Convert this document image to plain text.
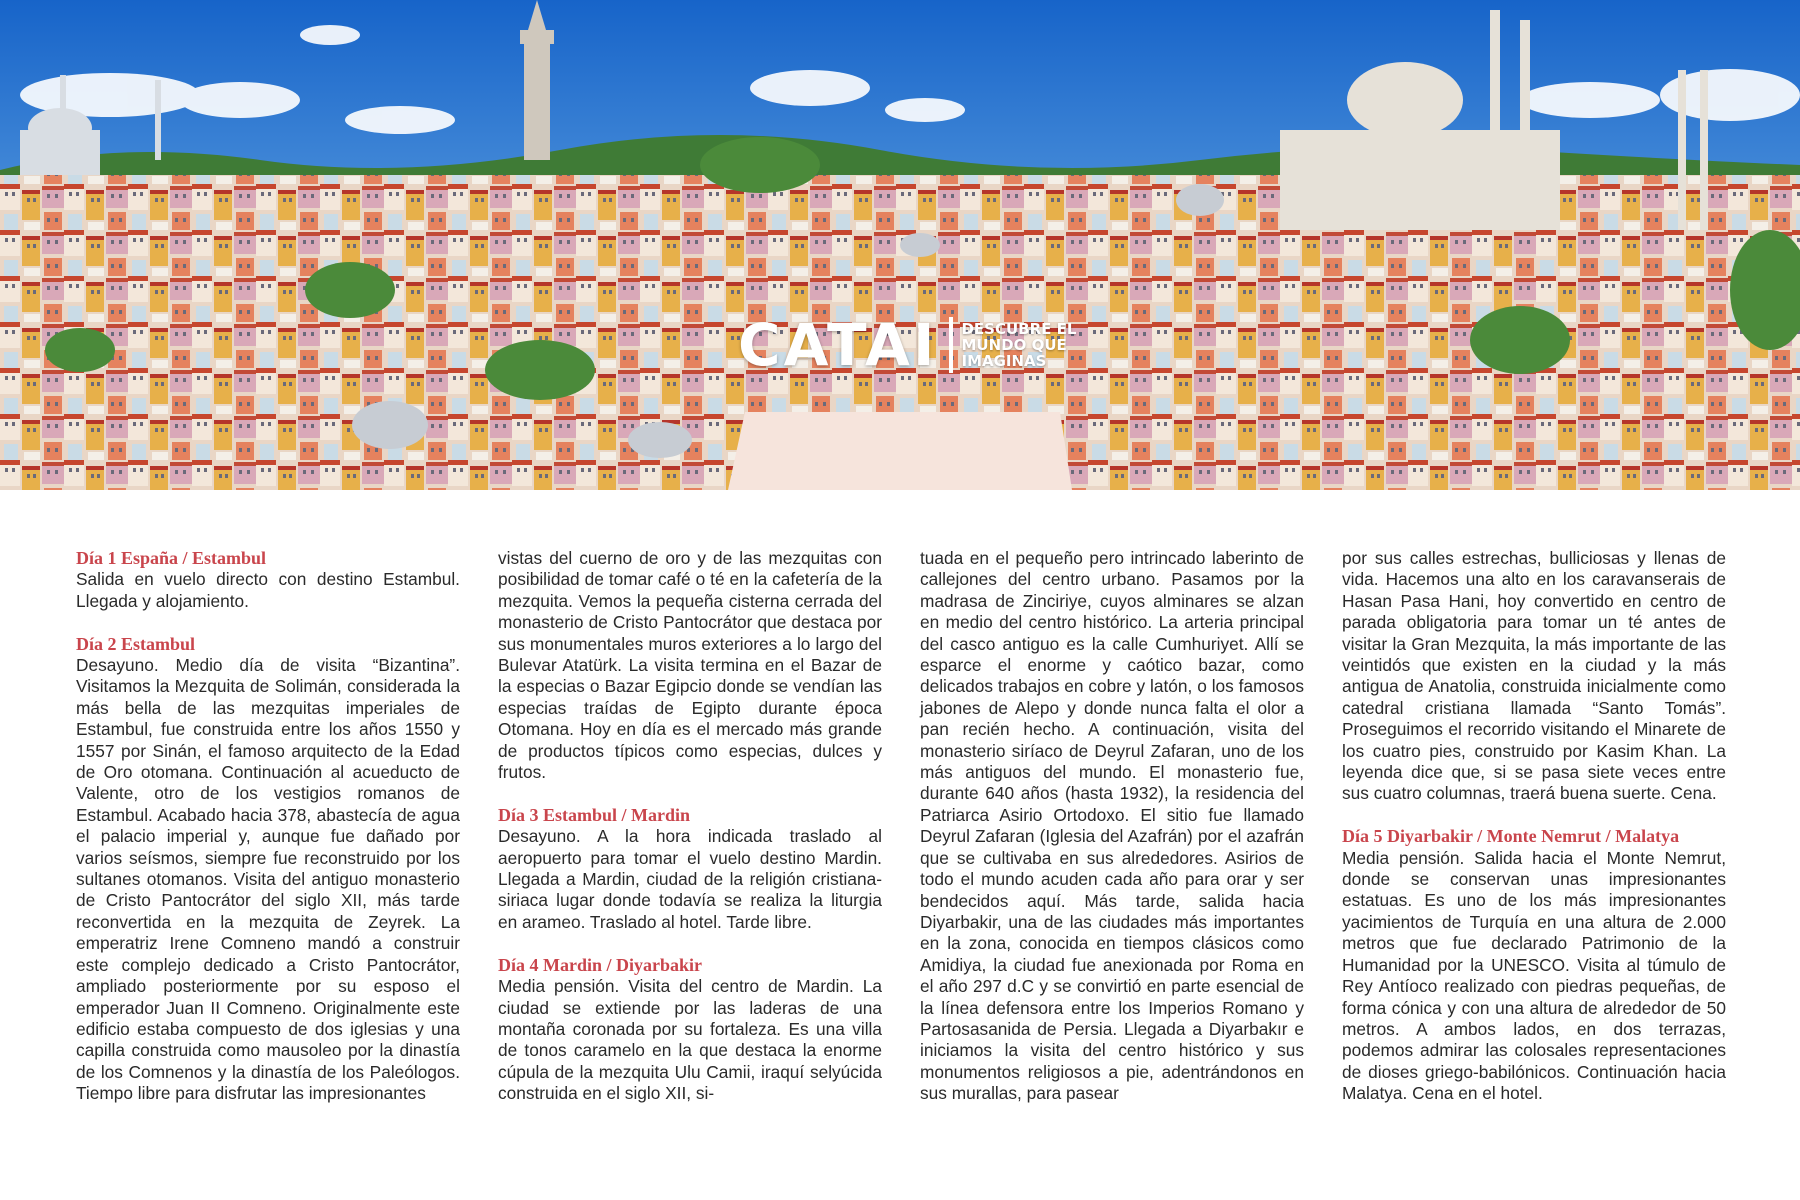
CATAI DESCUBRE EL MUNDO QUE IMAGINAS

Día 1 España / Estambul

Salida en vuelo directo con destino Estambul. Llegada y alojamiento.

Día 2 Estambul

Desayuno. Medio día de visita “Bizantina”. Visitamos la Mezquita de Solimán, considerada la más bella de las mezquitas imperiales de Estambul, fue construida entre los años 1550 y 1557 por Sinán, el famoso arquitecto de la Edad de Oro otomana. Continuación al acueducto de Valente, otro de los vestigios romanos de Estambul. Acabado hacia 378, abastecía de agua el palacio imperial y, aunque fue dañado por varios seísmos, siempre fue reconstruido por los sultanes otomanos. Visita del antiguo monasterio de Cristo Pantocrátor del siglo XII, más tarde reconvertida en la mezquita de Zeyrek. La emperatriz Irene Comneno mandó a construir este complejo dedicado a Cristo Pantocrátor, ampliado posteriormente por su esposo el emperador Juan II Comneno. Originalmente este edificio estaba compuesto de dos iglesias y una capilla construida como mausoleo por la dinastía de los Comnenos y la dinastía de los Paleólogos. Tiempo libre para disfrutar las impresionantes

vistas del cuerno de oro y de las mezquitas con posibilidad de tomar café o té en la cafetería de la mezquita. Vemos la pequeña cisterna cerrada del monasterio de Cristo Pantocrátor que destaca por sus monumentales muros exteriores a lo largo del Bulevar Atatürk. La visita termina en el Bazar de la especias o Bazar Egipcio donde se vendían las especias traídas de Egipto durante época Otomana. Hoy en día es el mercado más grande de productos típicos como especias, dulces y frutos.

Día 3 Estambul / Mardin

Desayuno. A la hora indicada traslado al aeropuerto para tomar el vuelo destino Mardin. Llegada a Mardin, ciudad de la religión cristiana-siriaca lugar donde todavía se realiza la liturgia en arameo. Traslado al hotel. Tarde libre.

Día 4 Mardin / Diyarbakir

Media pensión. Visita del centro de Mardin. La ciudad se extiende por las laderas de una montaña coronada por su fortaleza. Es una villa de tonos caramelo en la que destaca la enorme cúpula de la mezquita Ulu Camii, iraquí selyúcida construida en el siglo XII, si-

tuada en el pequeño pero intrincado laberinto de callejones del centro urbano. Pasamos por la madrasa de Zinciriye, cuyos alminares se alzan en medio del centro histórico. La arteria principal del casco antiguo es la calle Cumhuriyet. Allí se esparce el enorme y caótico bazar, como delicados trabajos en cobre y latón, o los famosos jabones de Alepo y donde nunca falta el olor a pan recién hecho. A continuación, visita del monasterio siríaco de Deyrul Zafaran, uno de los más antiguos del mundo. El monasterio fue, durante 640 años (hasta 1932), la residencia del Patriarca Asirio Ortodoxo. El sitio fue llamado Deyrul Zafaran (Iglesia del Azafrán) por el azafrán que se cultivaba en sus alrededores. Asirios de todo el mundo acuden cada año para orar y ser bendecidos aquí. Más tarde, salida hacia Diyarbakir, una de las ciudades más importantes en la zona, conocida en tiempos clásicos como Amidiya, la ciudad fue anexionada por Roma en el año 297 d.C y se convirtió en parte esencial de la línea defensora entre los Imperios Romano y Partosasanida de Persia. Llegada a Diyarbakır e iniciamos la visita del centro histórico y sus monumentos religiosos a pie, adentrándonos en sus murallas, para pasear

por sus calles estrechas, bulliciosas y llenas de vida. Hacemos una alto en los caravanserais de Hasan Pasa Hani, hoy convertido en centro de parada obligatoria para tomar un té antes de visitar la Gran Mezquita, la más importante de las veintidós que existen en la ciudad y la más antigua de Anatolia, construida inicialmente como catedral cristiana llamada “Santo Tomás”. Proseguimos el recorrido visitando el Minarete de los cuatro pies, construido por Kasim Khan. La leyenda dice que, si se pasa siete veces entre sus cuatro columnas, traerá buena suerte. Cena.

Día 5 Diyarbakir / Monte Nemrut / Malatya

Media pensión. Salida hacia el Monte Nemrut, donde se conservan unas impresionantes estatuas. Es uno de los más impresionantes yacimientos de Turquía en una altura de 2.000 metros que fue declarado Patrimonio de la Humanidad por la UNESCO. Visita al túmulo de Rey Antíoco realizado con piedras pequeñas, de forma cónica y con una altura de alrededor de 50 metros. A ambos lados, en dos terrazas, podemos admirar las colosales representaciones de dioses griego-babilónicos. Continuación hacia Malatya. Cena en el hotel.
